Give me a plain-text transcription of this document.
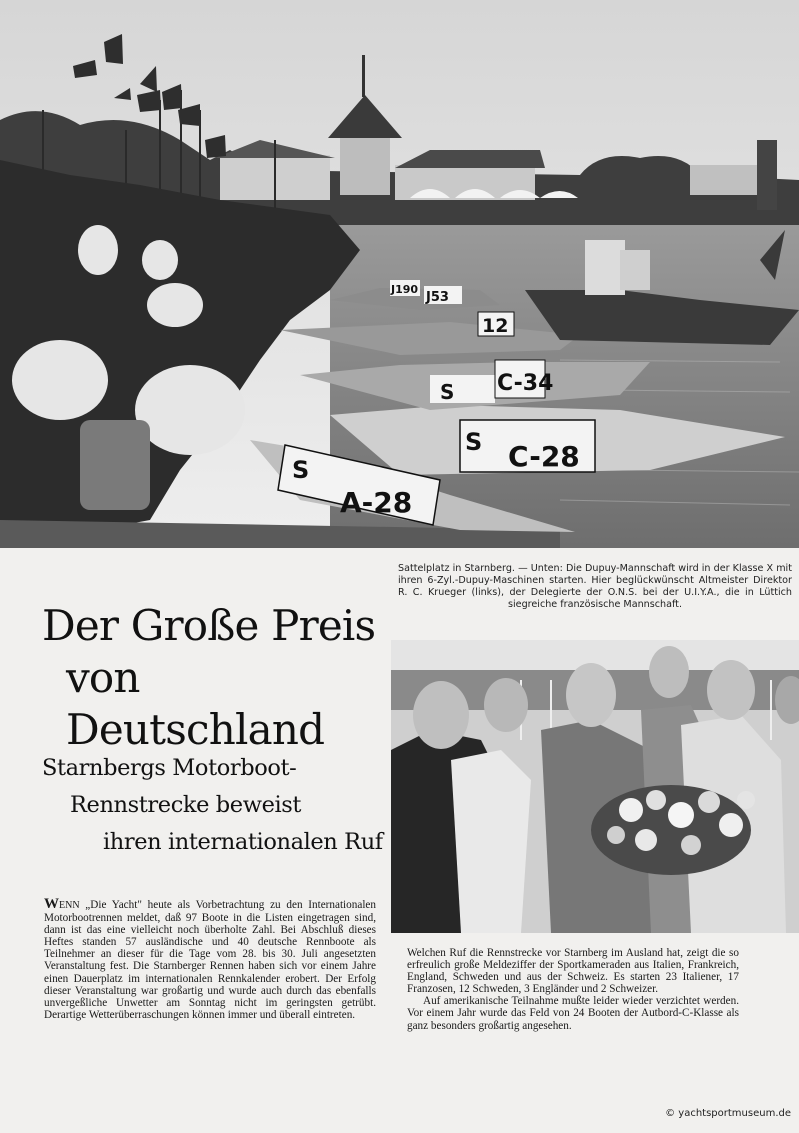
S
A-28
S C-28
S C-34
12
J53
J190
Sattelplatz in Starnberg. — Unten: Die Dupuy-Mannschaft wird in der Klasse X mit ihren 6-Zyl.-Dupuy-Maschinen starten. Hier beglückwünscht Altmeister Direktor R. C. Krueger (links), der Delegierte der O.N.S. bei der U.I.Y.A., die in Lüttich siegreiche französische Mannschaft.
Der Große Preis
von Deutschland
Starnbergs Motorboot-
Rennstrecke beweist
ihren internationalen Ruf

WENN „Die Yacht" heute als Vorbetrachtung zu den Internationalen Motorbootrennen meldet, daß 97 Boote in die Listen eingetragen sind, dann ist das eine vielleicht noch überholte Zahl. Bei Abschluß dieses Heftes standen 57 ausländische und 40 deutsche Rennboote als Teilnehmer an dieser für die Tage vom 28. bis 30. Juli angesetzten Veranstaltung fest. Die Starnberger Rennen haben sich vor einem Jahre einen Dauerplatz im internationalen Rennkalender erobert. Der Erfolg dieser Veranstaltung war großartig und wurde auch durch das ebenfalls unvergeßliche Unwetter am Sonntag nicht im geringsten getrübt. Derartige Wetterüberraschungen können immer und überall eintreten.

Welchen Ruf die Rennstrecke vor Starnberg im Ausland hat, zeigt die so erfreulich große Meldeziffer der Sportkameraden aus Italien, Frankreich, England, Schweden und aus der Schweiz. Es starten 23 Italiener, 17 Franzosen, 12 Schweden, 3 Engländer und 2 Schweizer.

Auf amerikanische Teilnahme mußte leider wieder verzichtet werden. Vor einem Jahr wurde das Feld von 24 Booten der Autbord-C-Klasse als ganz besonders großartig angesehen.

© yachtsportmuseum.de
